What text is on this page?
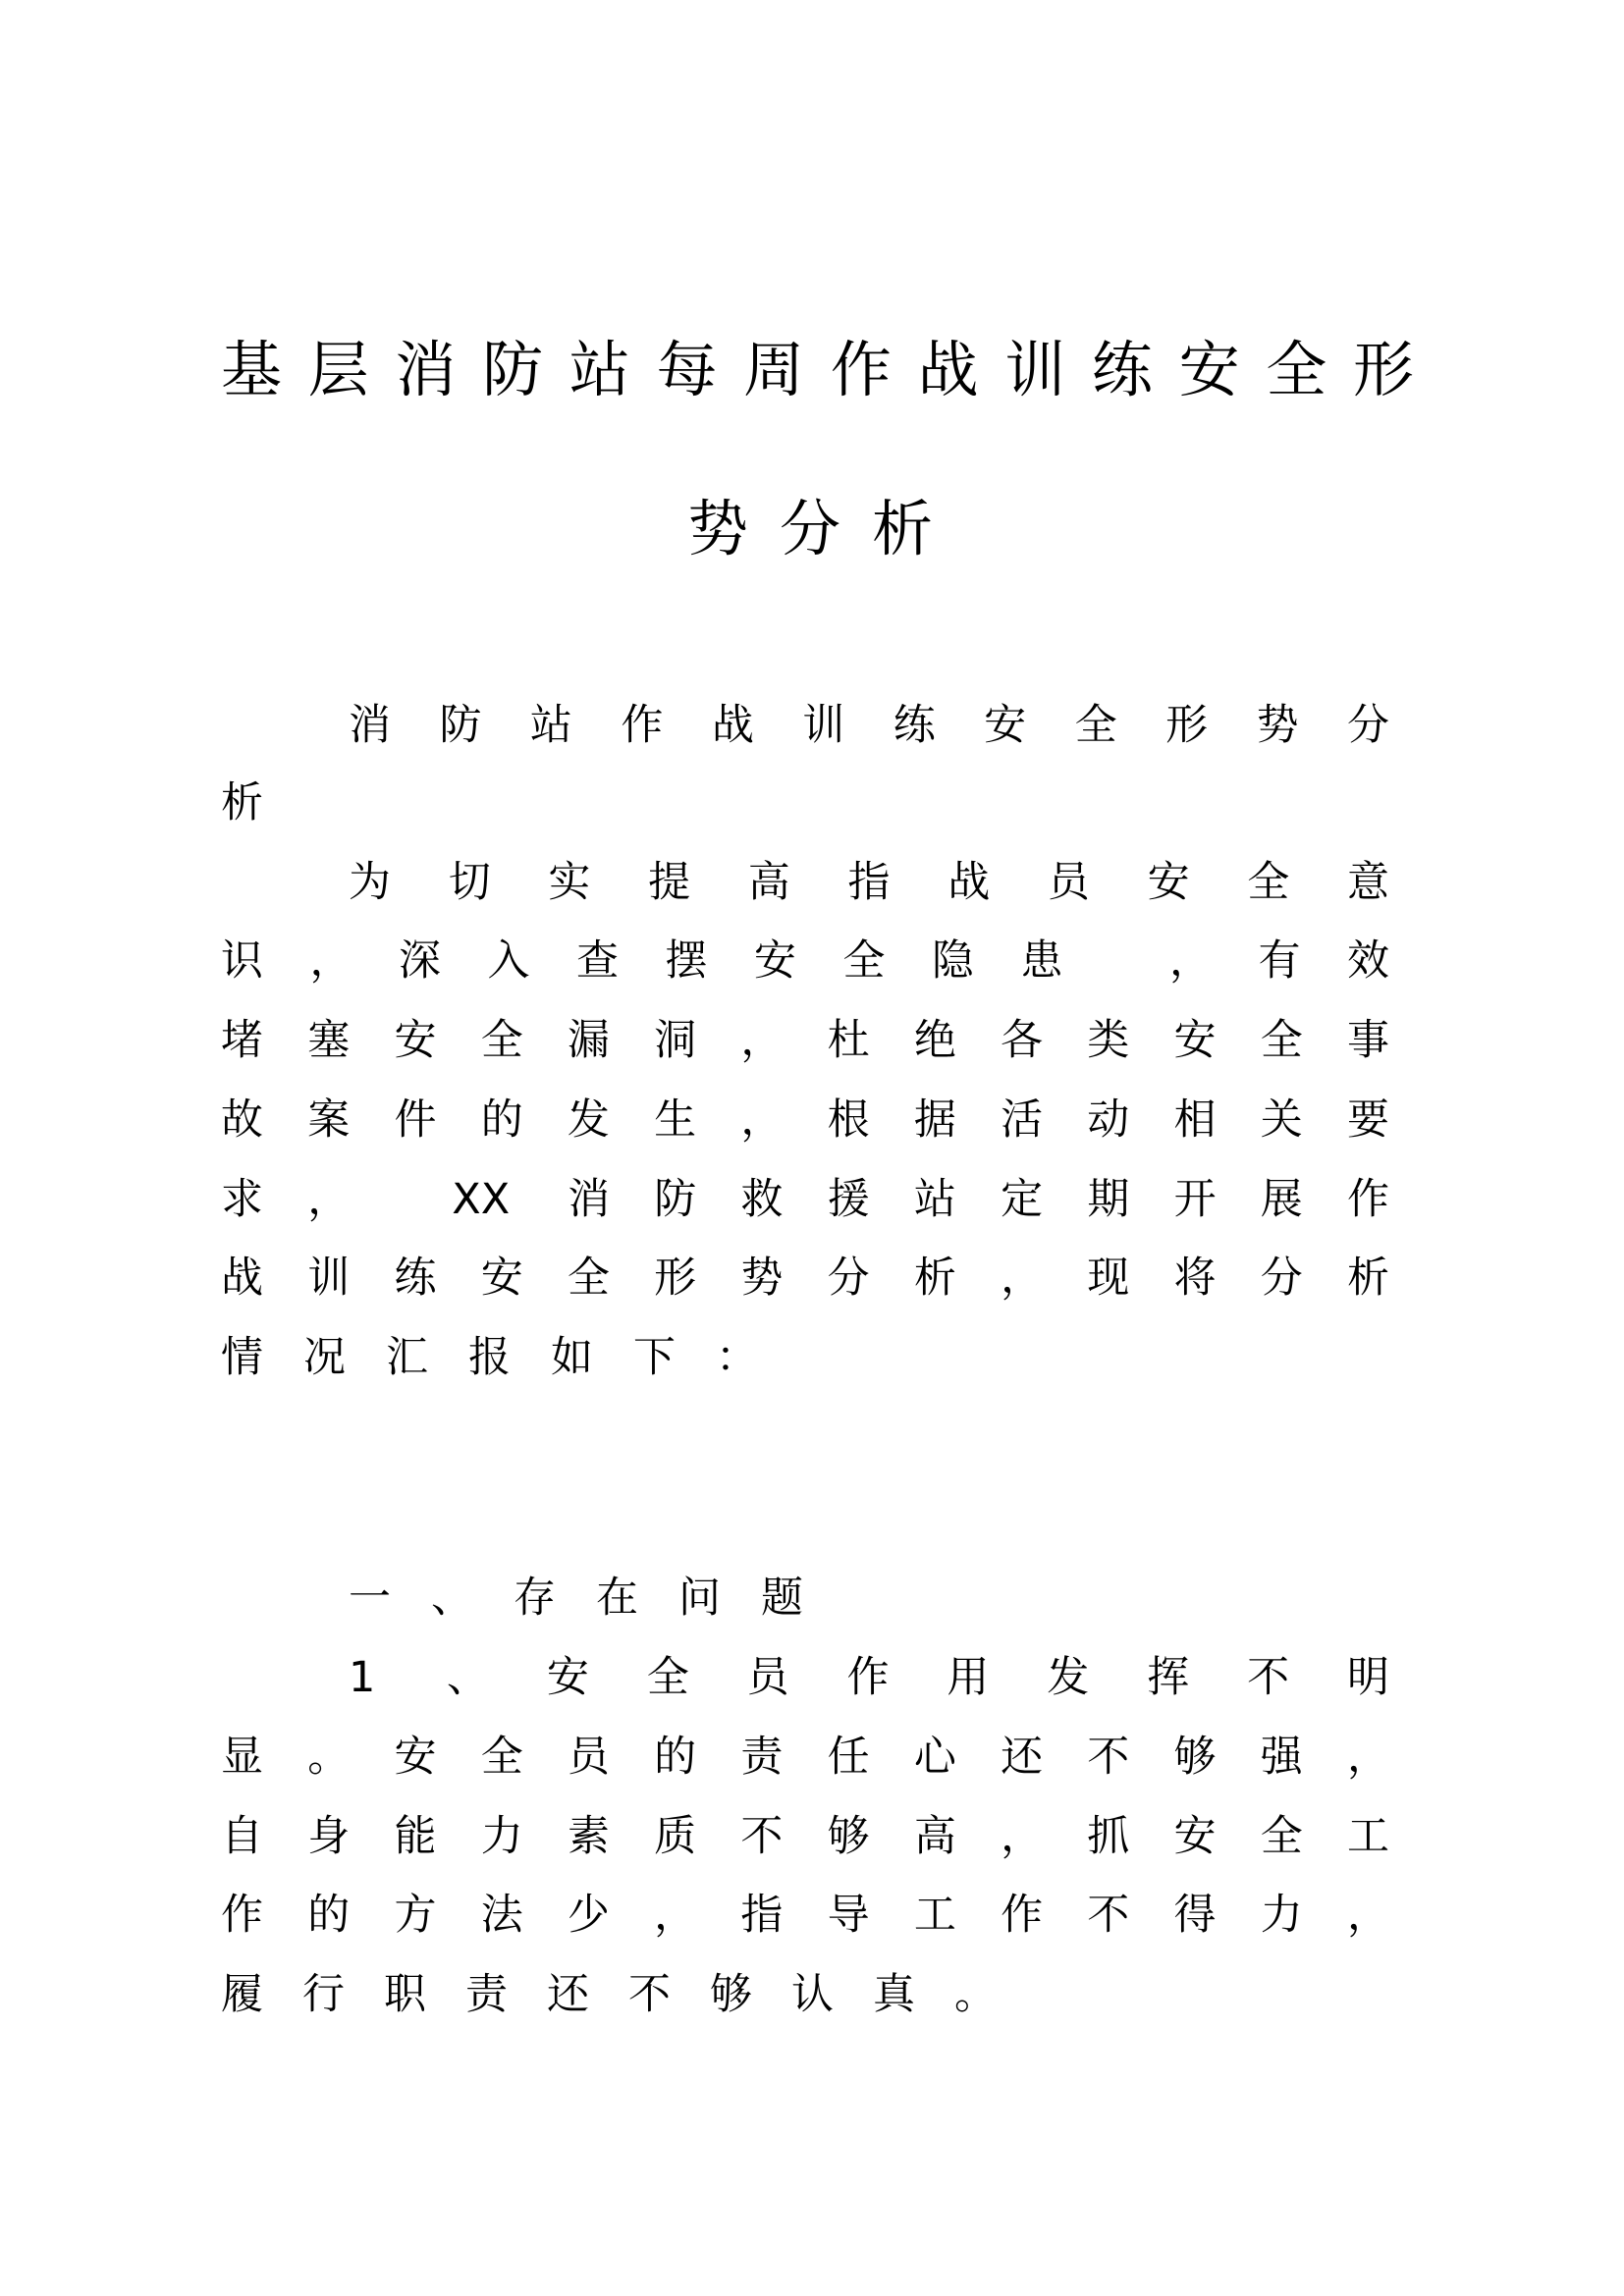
基层消防站每周作战训练安全形
势分析
消防站作战训练安全形势分
析
为切实提高指战员安全意
识，深入查摆安全隐患 ，有效
堵塞安全漏洞，杜绝各类安全事
故案件的发生，根据活动相关要
求， XX 消防救援站定期开展作
战训练安全形势分析，现将分析
情况汇报如下：
一、存在问题
1 、安全员作用发挥不明
显。安全员的责任心还不够强，
自身能力素质不够高，抓安全工
作的方法少，指导工作不得力，
履行职责还不够认真。
